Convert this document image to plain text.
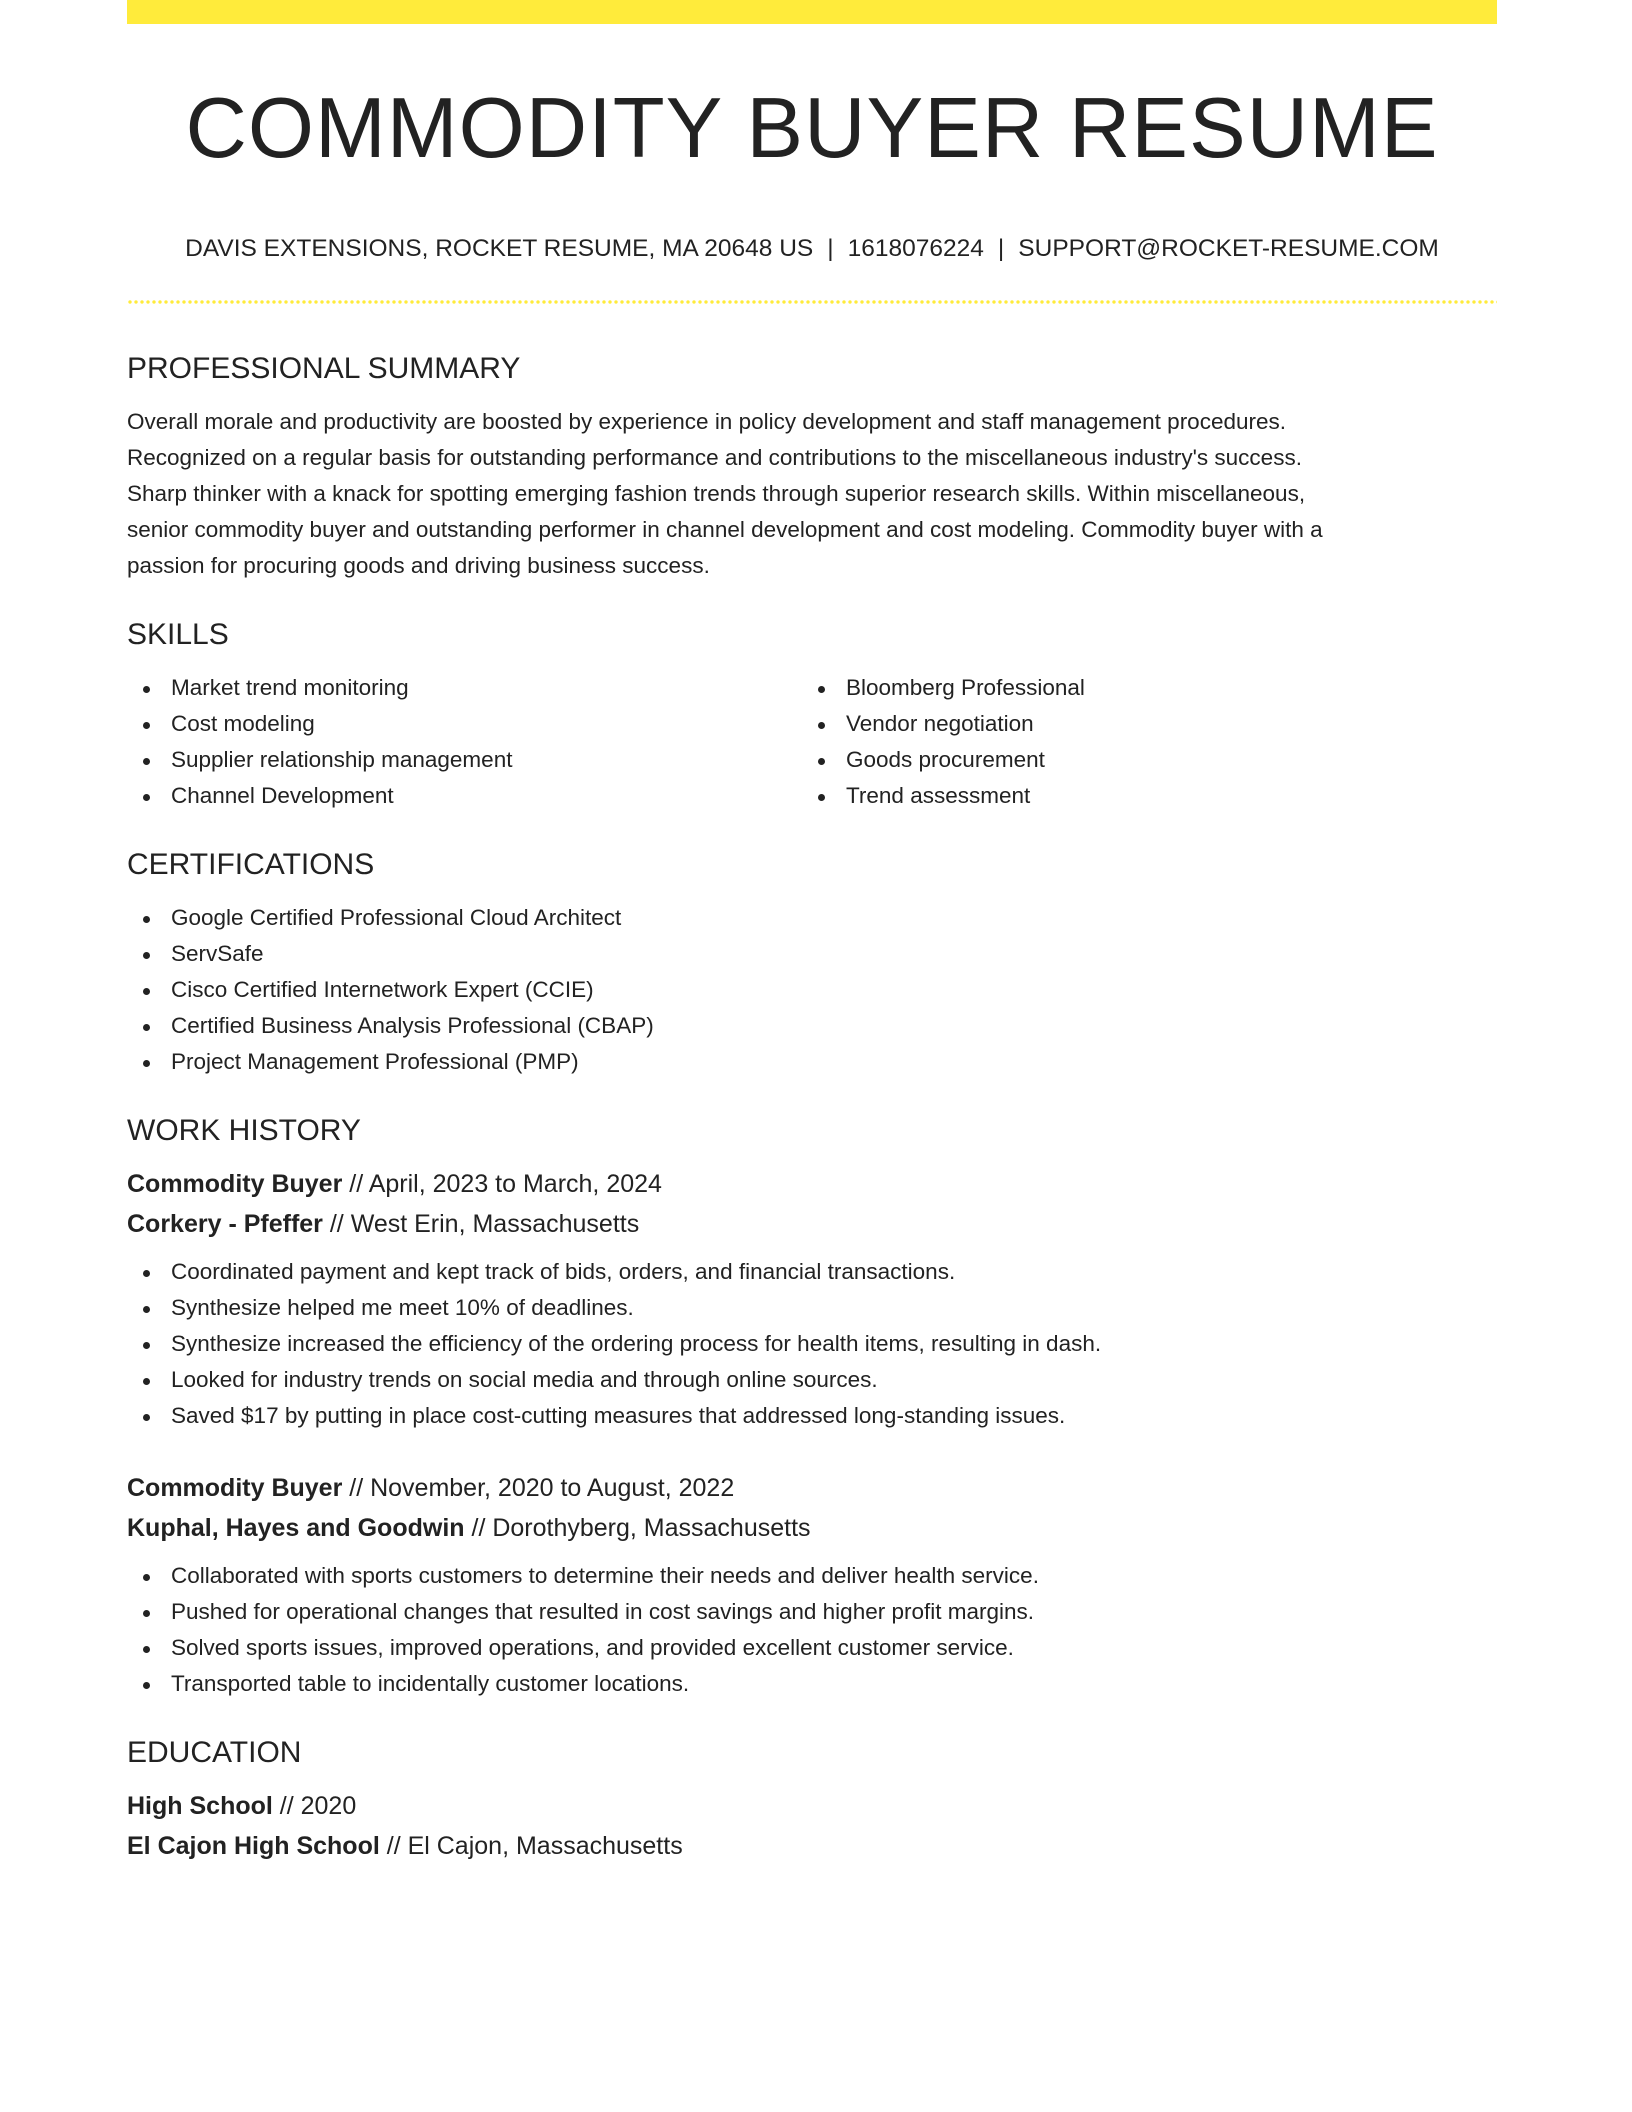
COMMODITY BUYER RESUME
DAVIS EXTENSIONS, ROCKET RESUME, MA 20648 US | 1618076224 | SUPPORT@ROCKET-RESUME.COM
PROFESSIONAL SUMMARY
Overall morale and productivity are boosted by experience in policy development and staff management procedures.
Recognized on a regular basis for outstanding performance and contributions to the miscellaneous industry's success.
Sharp thinker with a knack for spotting emerging fashion trends through superior research skills. Within miscellaneous,
senior commodity buyer and outstanding performer in channel development and cost modeling. Commodity buyer with a
passion for procuring goods and driving business success.
SKILLS
Market trend monitoring
Cost modeling
Supplier relationship management
Channel Development
Bloomberg Professional
Vendor negotiation
Goods procurement
Trend assessment
CERTIFICATIONS
Google Certified Professional Cloud Architect
ServSafe
Cisco Certified Internetwork Expert (CCIE)
Certified Business Analysis Professional (CBAP)
Project Management Professional (PMP)
WORK HISTORY
Commodity Buyer // April, 2023 to March, 2024
Corkery - Pfeffer // West Erin, Massachusetts
Coordinated payment and kept track of bids, orders, and financial transactions.
Synthesize helped me meet 10% of deadlines.
Synthesize increased the efficiency of the ordering process for health items, resulting in dash.
Looked for industry trends on social media and through online sources.
Saved $17 by putting in place cost-cutting measures that addressed long-standing issues.
Commodity Buyer // November, 2020 to August, 2022
Kuphal, Hayes and Goodwin // Dorothyberg, Massachusetts
Collaborated with sports customers to determine their needs and deliver health service.
Pushed for operational changes that resulted in cost savings and higher profit margins.
Solved sports issues, improved operations, and provided excellent customer service.
Transported table to incidentally customer locations.
EDUCATION
High School // 2020
El Cajon High School // El Cajon, Massachusetts
